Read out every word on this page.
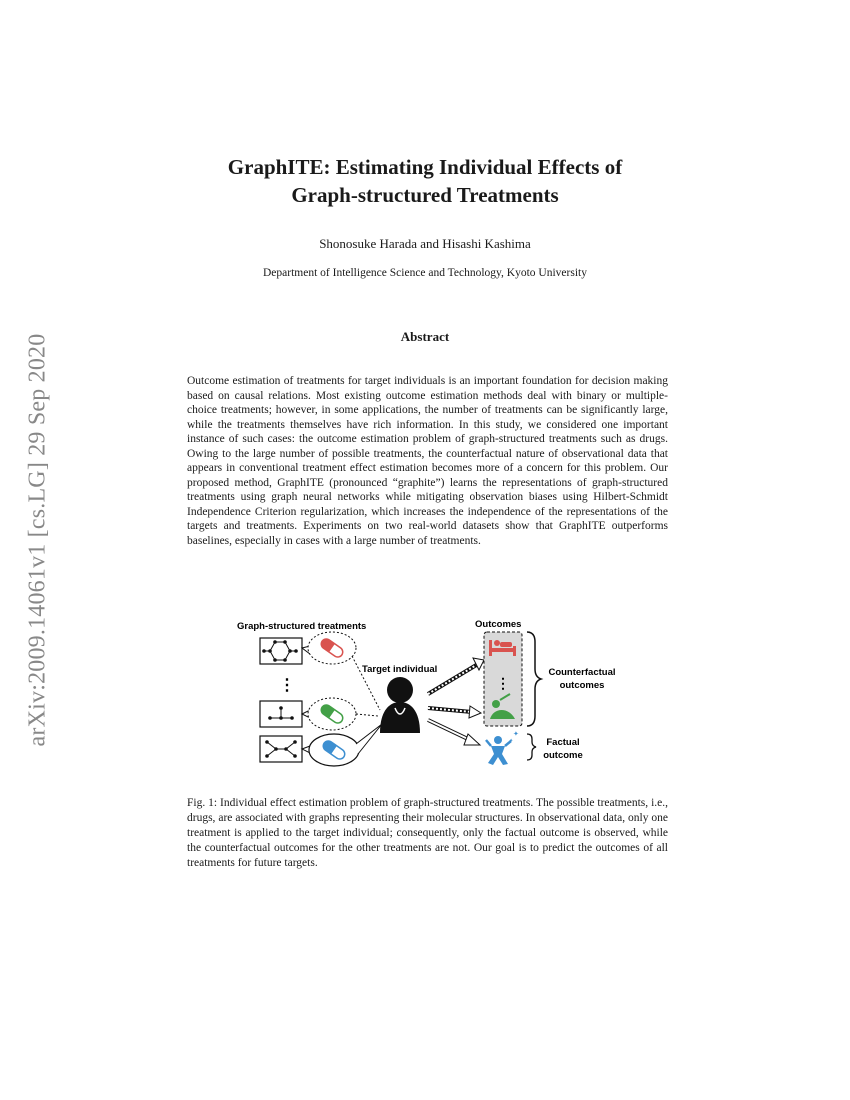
arXiv:2009.14061v1 [cs.LG] 29 Sep 2020
GraphITE: Estimating Individual Effects of
Graph-structured Treatments
Shonosuke Harada and Hisashi Kashima
Department of Intelligence Science and Technology, Kyoto University
Abstract
Outcome estimation of treatments for target individuals is an important foundation for decision making based on causal relations. Most existing outcome estimation methods deal with binary or multiple-choice treatments; however, in some applications, the number of treatments can be significantly large, while the treatments themselves have rich information. In this study, we considered one important instance of such cases: the outcome estimation problem of graph-structured treatments such as drugs. Owing to the large number of possible treatments, the counterfactual nature of observational data that appears in conventional treatment effect estimation becomes more of a concern for this problem. Our proposed method, GraphITE (pronounced “graphite”) learns the representations of graph-structured treatments using graph neural networks while mitigating observation biases using Hilbert-Schmidt Independence Criterion regularization, which increases the independence of the representations of the targets and treatments. Experiments on two real-world datasets show that GraphITE outperforms baselines, especially in cases with a large number of treatments.
Graph-structured treatments	Outcomes
Target individual
⋮	⋮
✦
✦
Counterfactual
outcomes
Factual
outcome
Fig. 1: Individual effect estimation problem of graph-structured treatments. The possible treatments, i.e., drugs, are associated with graphs representing their molecular structures. In observational data, only one treatment is applied to the target individual; consequently, only the factual outcome is observed, while the counterfactual outcomes for the other treatments are not. Our goal is to predict the outcomes of all treatments for future targets.
